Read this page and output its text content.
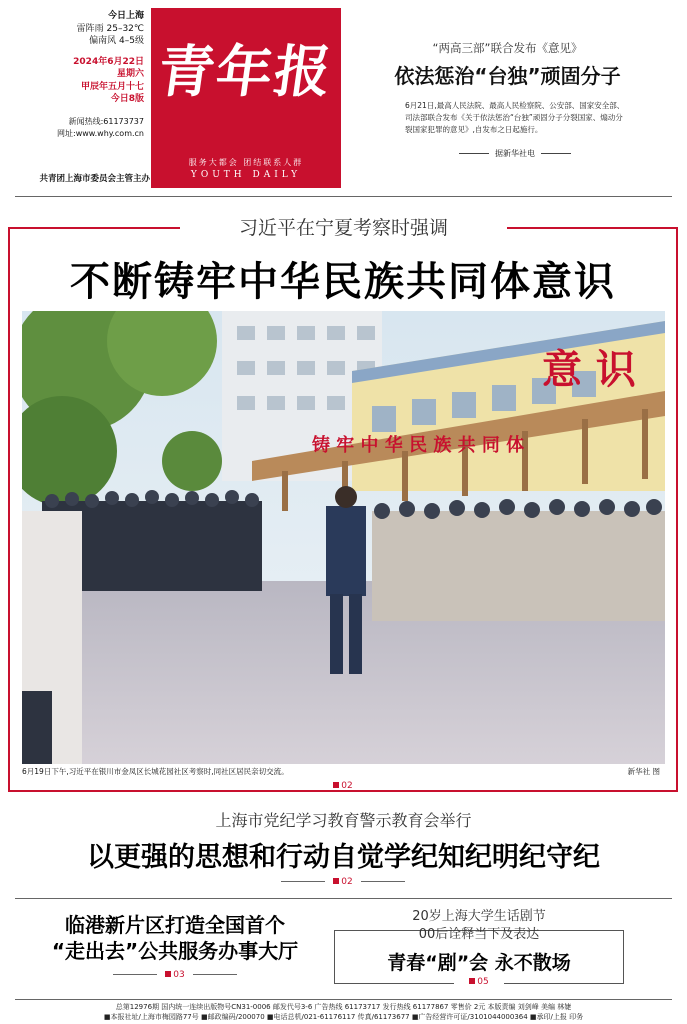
今日上海
雷阵雨 25–32℃
偏南风 4–5级
2024年6月22日
星期六
甲辰年五月十七
今日8版
新闻热线:61173737
网址:www.why.com.cn
共青团上海市委员会主管主办
青年报
服务大都会 团结联系人群
YOUTH DAILY
“两高三部”联合发布《意见》
依法惩治“台独”顽固分子
6月21日,最高人民法院、最高人民检察院、公安部、国家安全部、司法部联合发布《关于依法惩治“台独”顽固分子分裂国家、煽动分裂国家犯罪的意见》,自发布之日起施行。
据新华社电
习近平在宁夏考察时强调
不断铸牢中华民族共同体意识
铸 牢 中 华 民 族 共 同 体
意 识
6月19日下午,习近平在银川市金凤区长城花园社区考察时,同社区居民亲切交流。	新华社 图
02
上海市党纪学习教育警示教育会举行
以更强的思想和行动自觉学纪知纪明纪守纪
02
临港新片区打造全国首个
“走出去”公共服务办事大厅
03
20岁上海大学生话剧节
00后诠释当下及表达
青春“剧”会 永不散场
05
总第12976期 国内统一连续出版物号CN31-0006 邮发代号3-6 广告热线 61173717 发行热线 61177867 零售价 2元 本版责编 刘剑峰 美编 林婕
■本报社址/上海市梅园路77号 ■邮政编码/200070 ■电话总机/021-61176117 传真/61173677 ■广告经营许可证/3101044000364 ■承印/上报 印务
